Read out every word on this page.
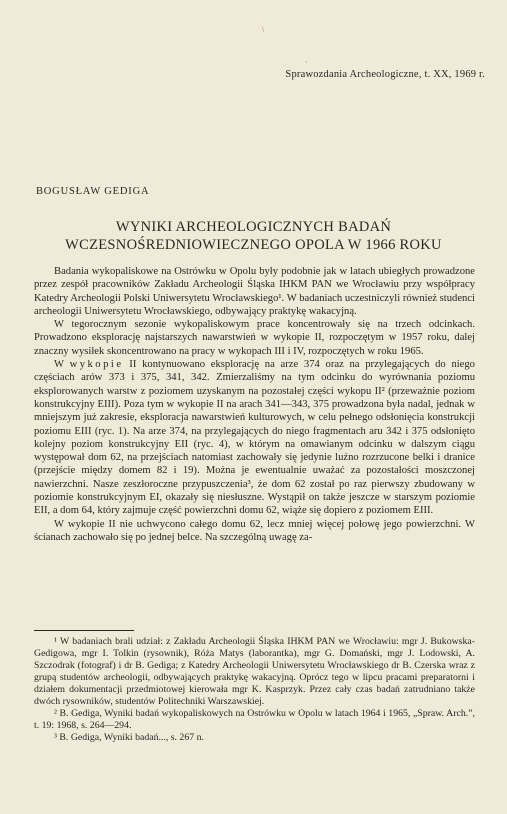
\
·
Sprawozdania Archeologiczne, t. XX, 1969 r.
BOGUSŁAW GEDIGA
WYNIKI ARCHEOLOGICZNYCH BADAŃ
WCZESNOŚREDNIOWIECZNEGO OPOLA W 1966 ROKU

Badania wykopaliskowe na Ostrówku w Opolu były podobnie jak w latach ubiegłych prowadzone przez zespół pracowników Zakładu Archeologii Śląska IHKM PAN we Wrocławiu przy współpracy Katedry Archeologii Polski Uniwersytetu Wrocławskiego¹. W badaniach uczestniczyli również studenci archeologii Uniwersytetu Wrocławskiego, odbywający praktykę wakacyjną.

W tegorocznym sezonie wykopaliskowym prace koncentrowały się na trzech odcinkach. Prowadzono eksplorację najstarszych nawarstwień w wykopie II, rozpoczętym w 1957 roku, dalej znaczny wysiłek skoncentrowano na pracy w wykopach III i IV, rozpoczętych w roku 1965.

W wykopie II kontynuowano eksplorację na arze 374 oraz na przylegających do niego częściach arów 373 i 375, 341, 342. Zmierzaliśmy na tym odcinku do wyrównania poziomu eksplorowanych warstw z poziomem uzyskanym na pozostałej części wykopu II² (przeważnie poziom konstrukcyjny EIII). Poza tym w wykopie II na arach 341—343, 375 prowadzona była nadal, jednak w mniejszym już zakresie, eksploracja nawarstwień kulturowych, w celu pełnego odsłonięcia konstrukcji poziomu EIII (ryc. 1). Na arze 374, na przylegających do niego fragmentach aru 342 i 375 odsłonięto kolejny poziom konstrukcyjny EII (ryc. 4), w którym na omawianym odcinku w dalszym ciągu występował dom 62, na przejściach natomiast zachowały się jedynie luźno rozrzucone belki i dranice (przejście między domem 82 i 19). Można je ewentualnie uważać za pozostałości moszczonej nawierzchni. Nasze zeszłoroczne przypuszczenia³, że dom 62 został po raz pierwszy zbudowany w poziomie konstrukcyjnym EI, okazały się niesłuszne. Wystąpił on także jeszcze w starszym poziomie EII, a dom 64, który zajmuje część powierzchni domu 62, wiąże się dopiero z poziomem EIII.

W wykopie II nie uchwycono całego domu 62, lecz mniej więcej połowę jego powierzchni. W ścianach zachowało się po jednej belce. Na szczególną uwagę za-

¹ W badaniach brali udział: z Zakładu Archeologii Śląska IHKM PAN we Wrocławiu: mgr J. Bukowska-Gedigowa, mgr I. Tolkin (rysownik), Róża Matys (laborantka), mgr G. Domański, mgr J. Lodowski, A. Szczodrak (fotograf) i dr B. Gediga; z Katedry Archeologii Uniwersytetu Wrocławskiego dr B. Czerska wraz z grupą studentów archeologii, odbywających praktykę wakacyjną. Oprócz tego w lipcu pracami preparatorni i działem dokumentacji przedmiotowej kierowała mgr K. Kasprzyk. Przez cały czas badań zatrudniano także dwóch rysowników, studentów Politechniki Warszawskiej.

² B. Gediga, Wyniki badań wykopaliskowych na Ostrówku w Opolu w latach 1964 i 1965, „Spraw. Arch.”, t. 19: 1968, s. 264—294.

³ B. Gediga, Wyniki badań..., s. 267 n.
